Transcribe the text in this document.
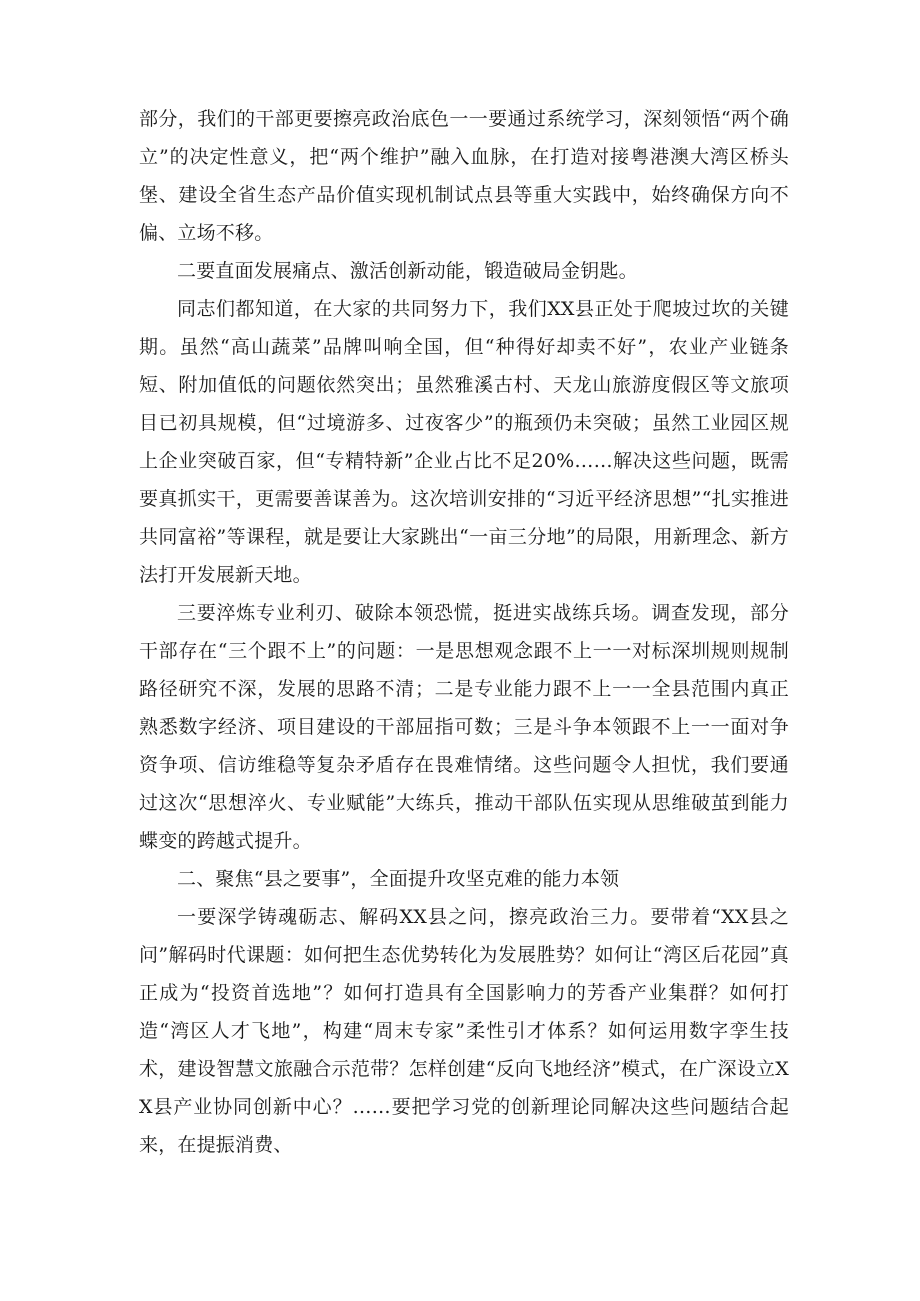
部分，我们的干部更要擦亮政治底色一一要通过系统学习，深刻领悟“两个确立”的决定性意义，把“两个维护”融入血脉，在打造对接粤港澳大湾区桥头堡、建设全省生态产品价值实现机制试点县等重大实践中，始终确保方向不偏、立场不移。

二要直面发展痛点、激活创新动能，锻造破局金钥匙。

同志们都知道，在大家的共同努力下，我们XX县正处于爬坡过坎的关键期。虽然“高山蔬菜”品牌叫响全国，但“种得好却卖不好”，农业产业链条短、附加值低的问题依然突出；虽然雅溪古村、天龙山旅游度假区等文旅项目已初具规模，但“过境游多、过夜客少”的瓶颈仍未突破；虽然工业园区规上企业突破百家，但“专精特新”企业占比不足20%……解决这些问题，既需要真抓实干，更需要善谋善为。这次培训安排的“习近平经济思想”“扎实推进共同富裕”等课程，就是要让大家跳出“一亩三分地”的局限，用新理念、新方法打开发展新天地。

三要淬炼专业利刃、破除本领恐慌，挺进实战练兵场。调查发现，部分干部存在“三个跟不上”的问题：一是思想观念跟不上一一对标深圳规则规制路径研究不深，发展的思路不清；二是专业能力跟不上一一全县范围内真正熟悉数字经济、项目建设的干部屈指可数；三是斗争本领跟不上一一面对争资争项、信访维稳等复杂矛盾存在畏难情绪。这些问题令人担忧，我们要通过这次“思想淬火、专业赋能”大练兵，推动干部队伍实现从思维破茧到能力蝶变的跨越式提升。

二、聚焦“县之要事”，全面提升攻坚克难的能力本领

一要深学铸魂砺志、解码XX县之问，擦亮政治三力。要带着“XX县之问”解码时代课题：如何把生态优势转化为发展胜势？如何让“湾区后花园”真正成为“投资首选地”？如何打造具有全国影响力的芳香产业集群？如何打造“湾区人才飞地”，构建“周末专家”柔性引才体系？如何运用数字孪生技术，建设智慧文旅融合示范带？怎样创建“反向飞地经济”模式，在广深设立XX县产业协同创新中心？……要把学习党的创新理论同解决这些问题结合起来，在提振消费、
